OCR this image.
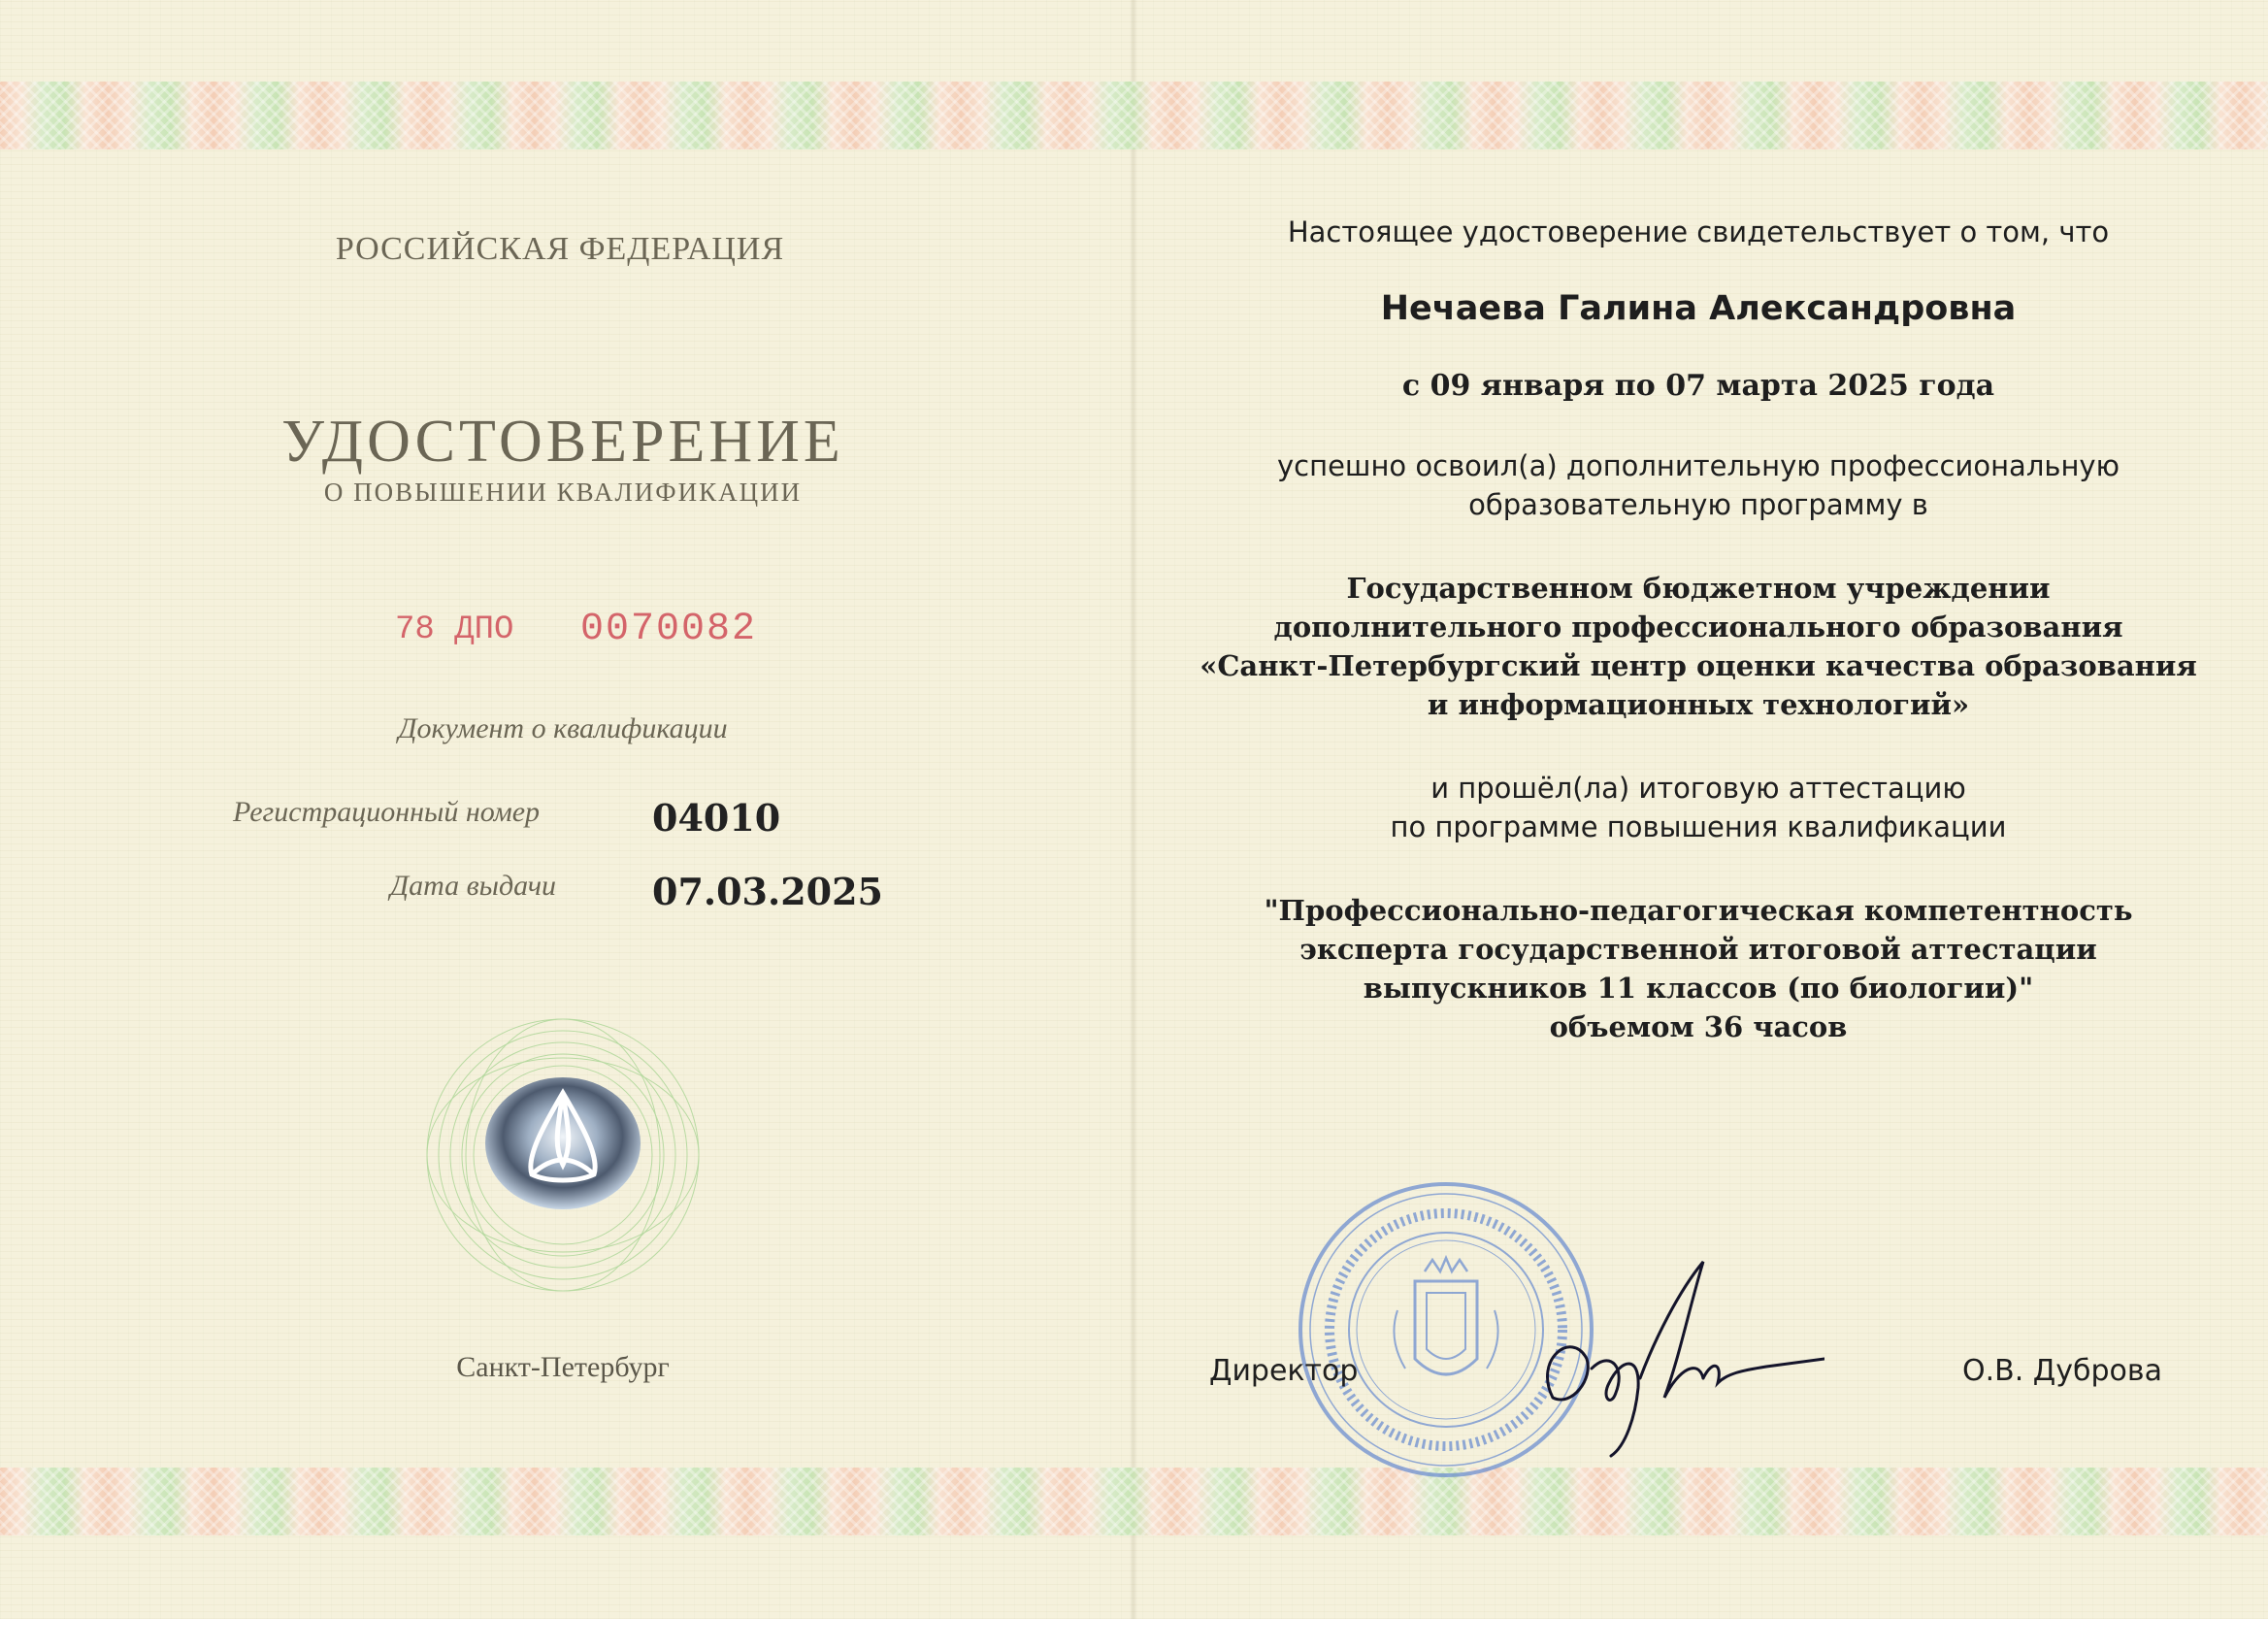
РОССИЙСКАЯ ФЕДЕРАЦИЯ
УДОСТОВЕРЕНИЕ
О ПОВЫШЕНИИ КВАЛИФИКАЦИИ
78 ДПО 0070082
Документ о квалификации
Регистрационный номер	04010
Дата выдачи	07.03.2025
Санкт-Петербург
Настоящее удостоверение свидетельствует о том, что
Нечаева Галина Александровна
с 09 января по 07 марта 2025 года
успешно освоил(а) дополнительную профессиональную
образовательную программу в
Государственном бюджетном учреждении
дополнительного профессионального образования
«Санкт-Петербургский центр оценки качества образования
и информационных технологий»
и прошёл(ла) итоговую аттестацию
по программе повышения квалификации
"Профессионально-педагогическая компетентность
эксперта государственной итоговой аттестации
выпускников 11 классов (по биологии)"
объемом 36 часов
Директор	О.В. Дуброва
